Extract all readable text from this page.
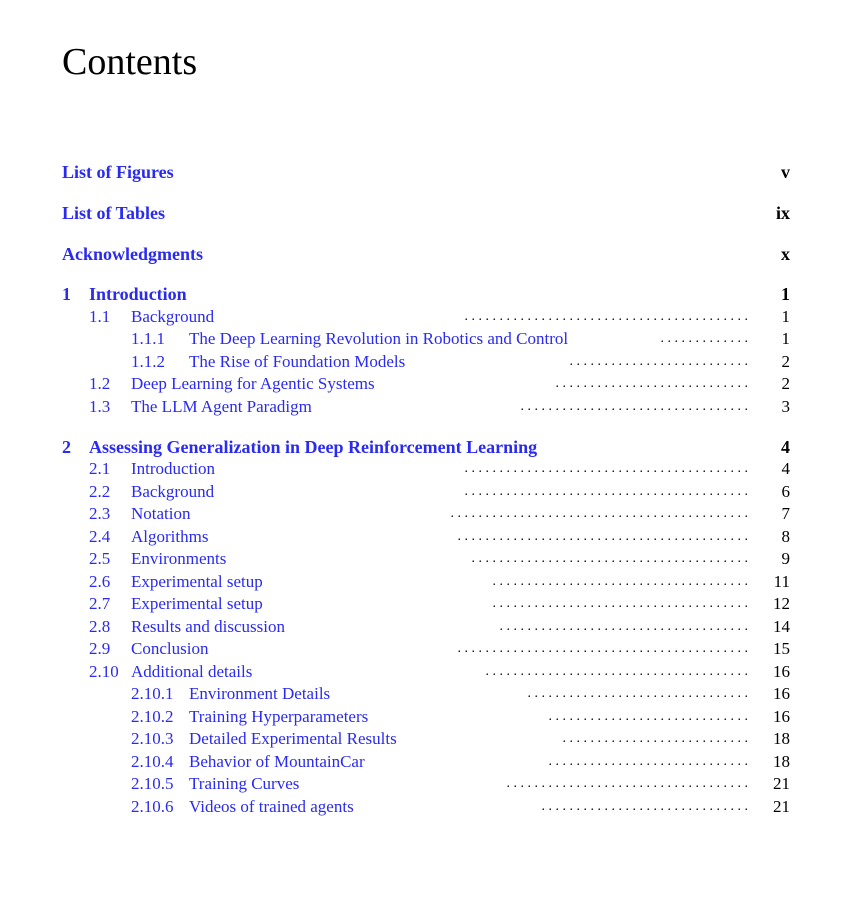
Contents
List of Figures	v
List of Tables	ix
Acknowledgments	x
1 Introduction	1
1.1 Background	. . . . . . . . . . . . . . . . . . . . . . . . . . . . . . . . . . . . . . . . . 1
1.1.1 The Deep Learning Revolution in Robotics and Control	. . . . . . . . . . . . . 1
1.1.2 The Rise of Foundation Models	. . . . . . . . . . . . . . . . . . . . . . . . . . 2
1.2 Deep Learning for Agentic Systems	. . . . . . . . . . . . . . . . . . . . . . . . . . . . 2
1.3 The LLM Agent Paradigm	. . . . . . . . . . . . . . . . . . . . . . . . . . . . . . . . . 3
2 Assessing Generalization in Deep Reinforcement Learning	4
2.1 Introduction	. . . . . . . . . . . . . . . . . . . . . . . . . . . . . . . . . . . . . . . . . 4
2.2 Background	. . . . . . . . . . . . . . . . . . . . . . . . . . . . . . . . . . . . . . . . . 6
2.3 Notation	. . . . . . . . . . . . . . . . . . . . . . . . . . . . . . . . . . . . . . . . . . . 7
2.4 Algorithms	. . . . . . . . . . . . . . . . . . . . . . . . . . . . . . . . . . . . . . . . . . 8
2.5 Environments	. . . . . . . . . . . . . . . . . . . . . . . . . . . . . . . . . . . . . . . . 9
2.6 Experimental setup	. . . . . . . . . . . . . . . . . . . . . . . . . . . . . . . . . . . . . 11
2.7 Experimental setup	. . . . . . . . . . . . . . . . . . . . . . . . . . . . . . . . . . . . . 12
2.8 Results and discussion	. . . . . . . . . . . . . . . . . . . . . . . . . . . . . . . . . . . . 14
2.9 Conclusion	. . . . . . . . . . . . . . . . . . . . . . . . . . . . . . . . . . . . . . . . . . 15
2.10 Additional details	. . . . . . . . . . . . . . . . . . . . . . . . . . . . . . . . . . . . . . 16
2.10.1 Environment Details	. . . . . . . . . . . . . . . . . . . . . . . . . . . . . . . . 16
2.10.2 Training Hyperparameters	. . . . . . . . . . . . . . . . . . . . . . . . . . . . . 16
2.10.3 Detailed Experimental Results	. . . . . . . . . . . . . . . . . . . . . . . . . . . 18
2.10.4 Behavior of MountainCar	. . . . . . . . . . . . . . . . . . . . . . . . . . . . . 18
2.10.5 Training Curves	. . . . . . . . . . . . . . . . . . . . . . . . . . . . . . . . . . . 21
2.10.6 Videos of trained agents	. . . . . . . . . . . . . . . . . . . . . . . . . . . . . . 21
